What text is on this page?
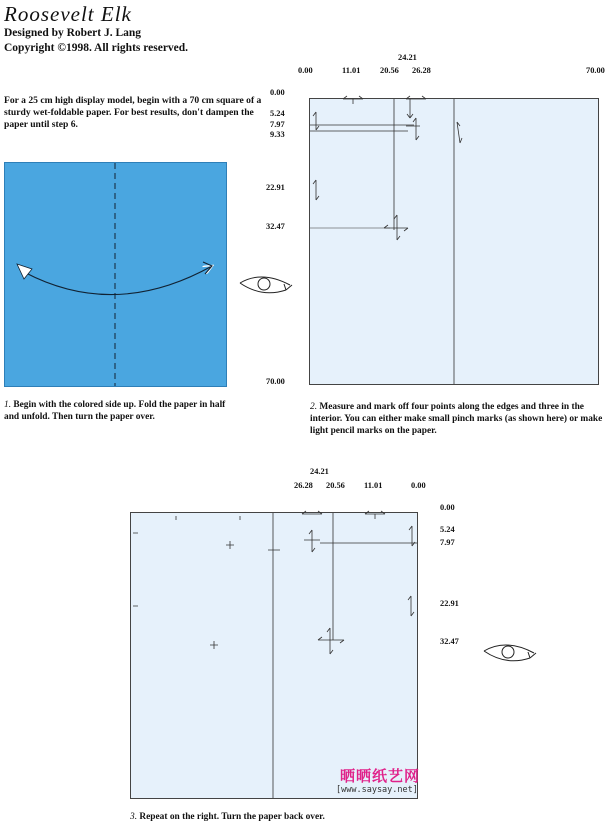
Roosevelt Elk
Designed by Robert J. Lang
Copyright ©1998. All rights reserved.
For a 25 cm high display model, begin with a 70 cm square of a sturdy wet-foldable paper. For best results, don't dampen the paper until step 6.
0.00	11.01 20.56
24.21
26.28	70.00
0.00
5.24
7.97
9.33
22.91
32.47
70.00
26.28
24.21
20.56 11.01	0.00
0.00
5.24
7.97
22.91
32.47
1. Begin with the colored side up. Fold the paper in half and unfold. Then turn the paper over.
2. Measure and mark off four points along the edges and three in the interior. You can either make small pinch marks (as shown here) or make light pencil marks on the paper.
3. Repeat on the right. Turn the paper back over.
晒晒纸艺网
[www.saysay.net]
